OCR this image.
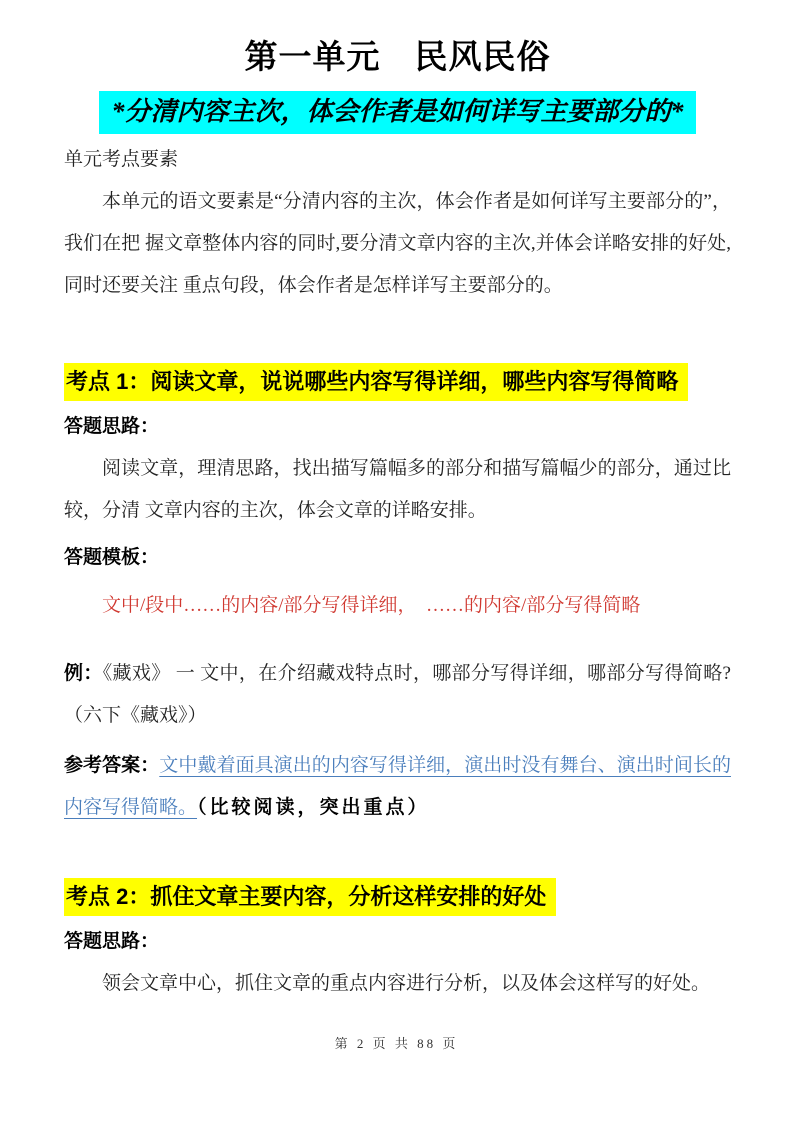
第一单元　民风民俗
*分清内容主次，体会作者是如何详写主要部分的*
单元考点要素

本单元的语文要素是“分清内容的主次，体会作者是如何详写主要部分的”，我们在把 握文章整体内容的同时,要分清文章内容的主次,并体会详略安排的好处,同时还要关注 重点句段，体会作者是怎样详写主要部分的。

考点 1：阅读文章，说说哪些内容写得详细，哪些内容写得简略
答题思路：

阅读文章，理清思路，找出描写篇幅多的部分和描写篇幅少的部分，通过比较，分清 文章内容的主次，体会文章的详略安排。

答题模板：

文中/段中……的内容/部分写得详细，　……的内容/部分写得简略

例：《藏戏》 一 文中，在介绍藏戏特点时，哪部分写得详细，哪部分写得简略?（六下《藏戏》）

参考答案：文中戴着面具演出的内容写得详细，演出时没有舞台、演出时间长的内容写得简略。（比较阅读，突出重点）

考点 2：抓住文章主要内容，分析这样安排的好处
答题思路：

领会文章中心，抓住文章的重点内容进行分析，以及体会这样写的好处。

第 2 页 共 88 页
